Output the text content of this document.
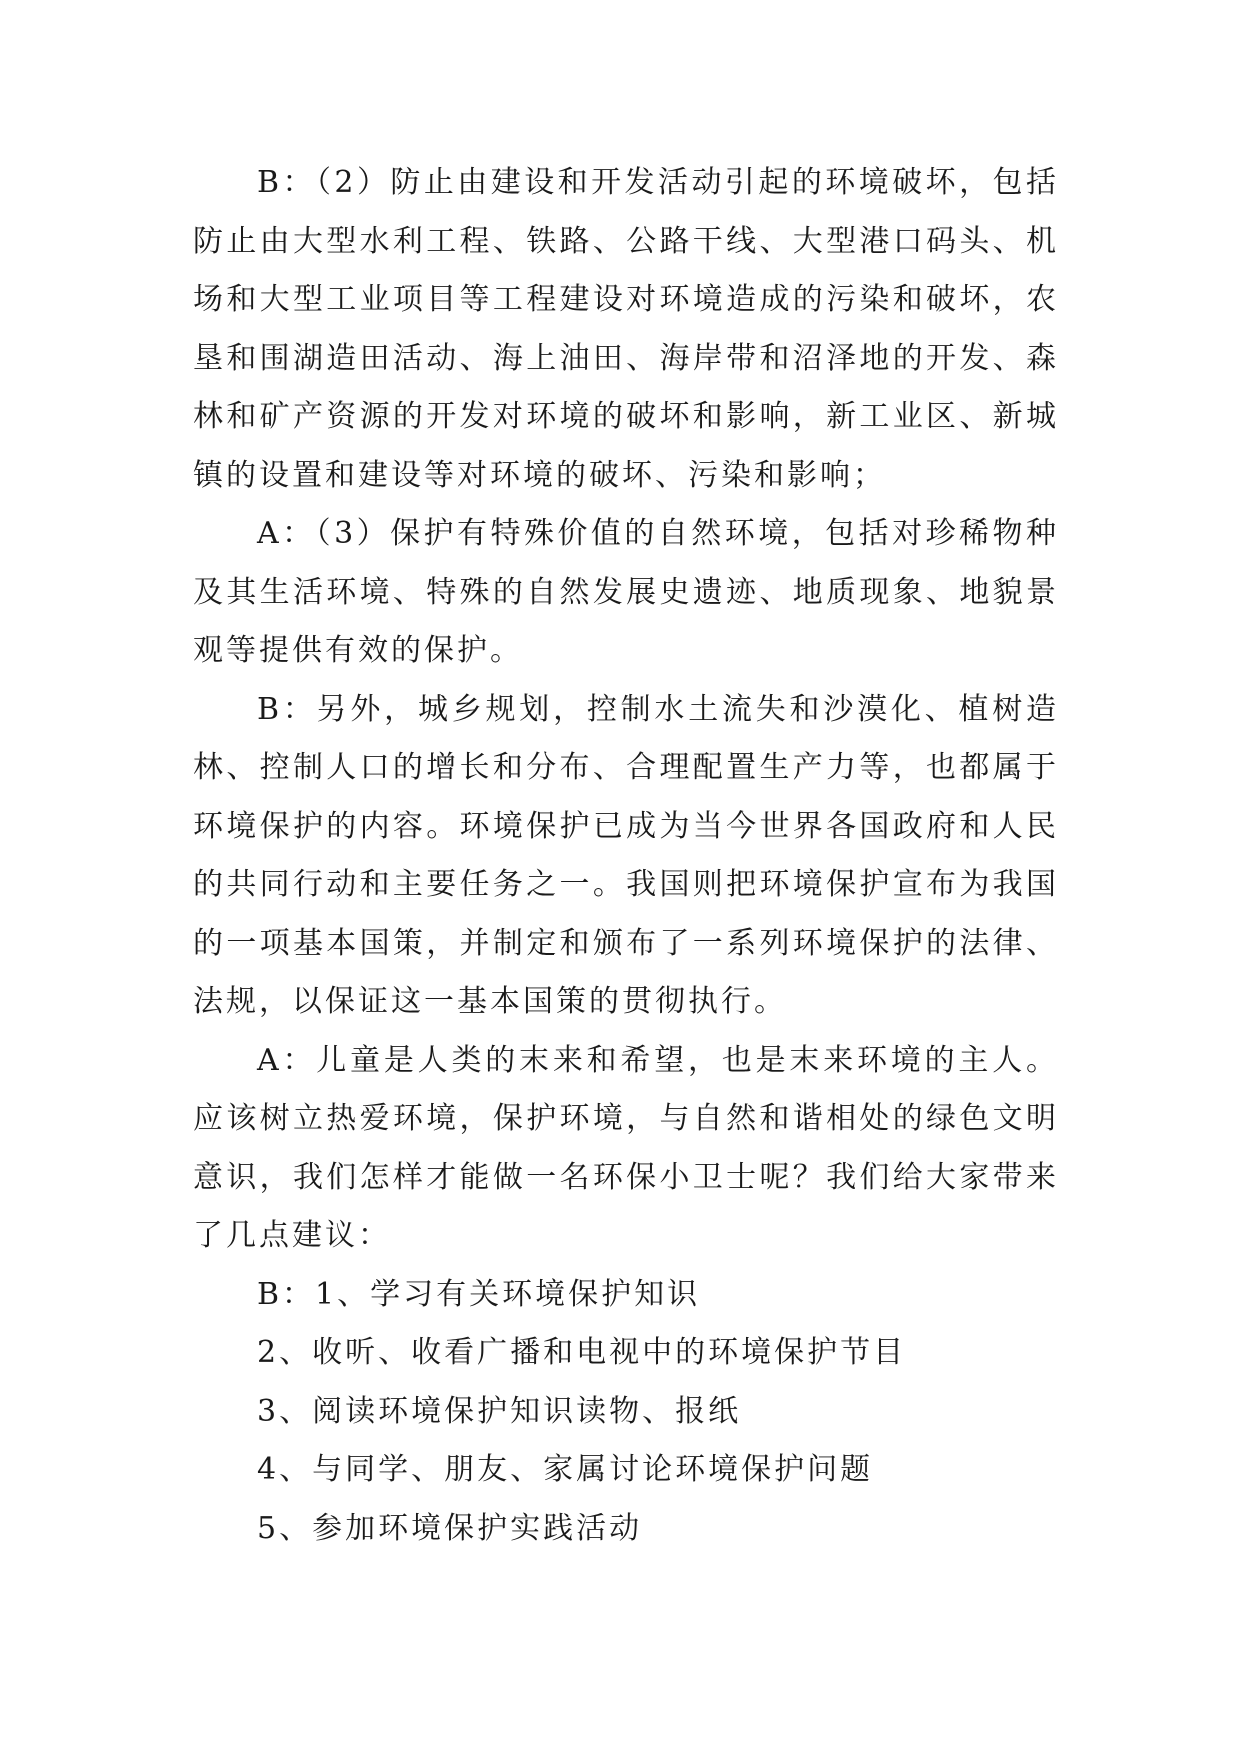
B：（2）防止由建设和开发活动引起的环境破坏，包括防止由大型水利工程、铁路、公路干线、大型港口码头、机场和大型工业项目等工程建设对环境造成的污染和破坏，农垦和围湖造田活动、海上油田、海岸带和沼泽地的开发、森林和矿产资源的开发对环境的破坏和影响，新工业区、新城镇的设置和建设等对环境的破坏、污染和影响；

A：（3）保护有特殊价值的自然环境，包括对珍稀物种及其生活环境、特殊的自然发展史遗迹、地质现象、地貌景观等提供有效的保护。

B：另外，城乡规划，控制水土流失和沙漠化、植树造林、控制人口的增长和分布、合理配置生产力等，也都属于环境保护的内容。环境保护已成为当今世界各国政府和人民的共同行动和主要任务之一。我国则把环境保护宣布为我国的一项基本国策，并制定和颁布了一系列环境保护的法律、法规，以保证这一基本国策的贯彻执行。

A：儿童是人类的末来和希望，也是末来环境的主人。应该树立热爱环境，保护环境，与自然和谐相处的绿色文明意识，我们怎样才能做一名环保小卫士呢？我们给大家带来了几点建议：

B：1、学习有关环境保护知识
2、收听、收看广播和电视中的环境保护节目
3、阅读环境保护知识读物、报纸
4、与同学、朋友、家属讨论环境保护问题
5、参加环境保护实践活动
